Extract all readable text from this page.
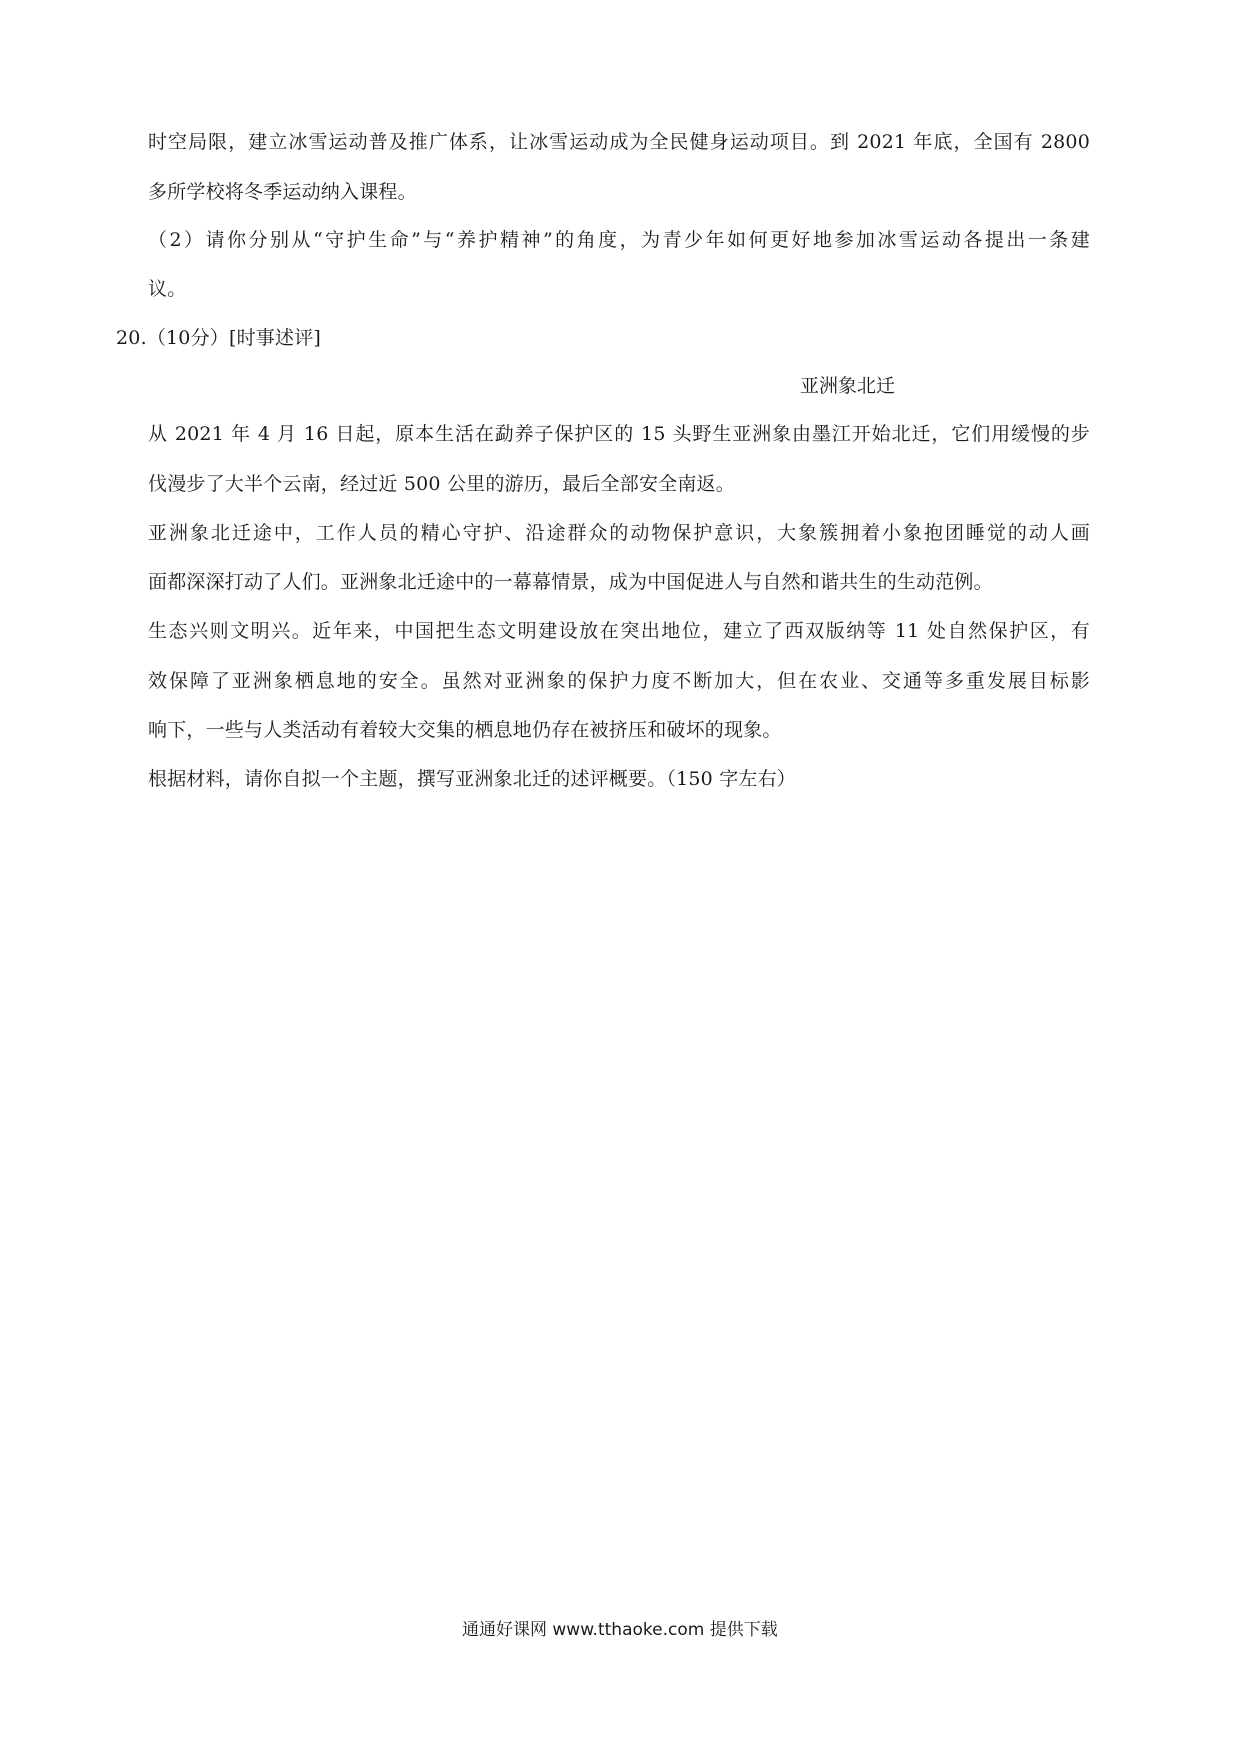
时空局限，建立冰雪运动普及推广体系，让冰雪运动成为全民健身运动项目。到 2021 年底，全国有 2800
多所学校将冬季运动纳入课程。
（2）请你分别从“守护生命”与“养护精神”的角度，为青少年如何更好地参加冰雪运动各提出一条建
议。
20.（10分）[时事述评]
亚洲象北迁
从 2021 年 4 月 16 日起，原本生活在勐养子保护区的 15 头野生亚洲象由墨江开始北迁，它们用缓慢的步
伐漫步了大半个云南，经过近 500 公里的游历，最后全部安全南返。
亚洲象北迁途中，工作人员的精心守护、沿途群众的动物保护意识，大象簇拥着小象抱团睡觉的动人画
面都深深打动了人们。亚洲象北迁途中的一幕幕情景，成为中国促进人与自然和谐共生的生动范例。
生态兴则文明兴。近年来，中国把生态文明建设放在突出地位，建立了西双版纳等 11 处自然保护区，有
效保障了亚洲象栖息地的安全。虽然对亚洲象的保护力度不断加大，但在农业、交通等多重发展目标影
响下，一些与人类活动有着较大交集的栖息地仍存在被挤压和破坏的现象。
根据材料，请你自拟一个主题，撰写亚洲象北迁的述评概要。（150 字左右）
通通好课网 www.tthaoke.com 提供下载
